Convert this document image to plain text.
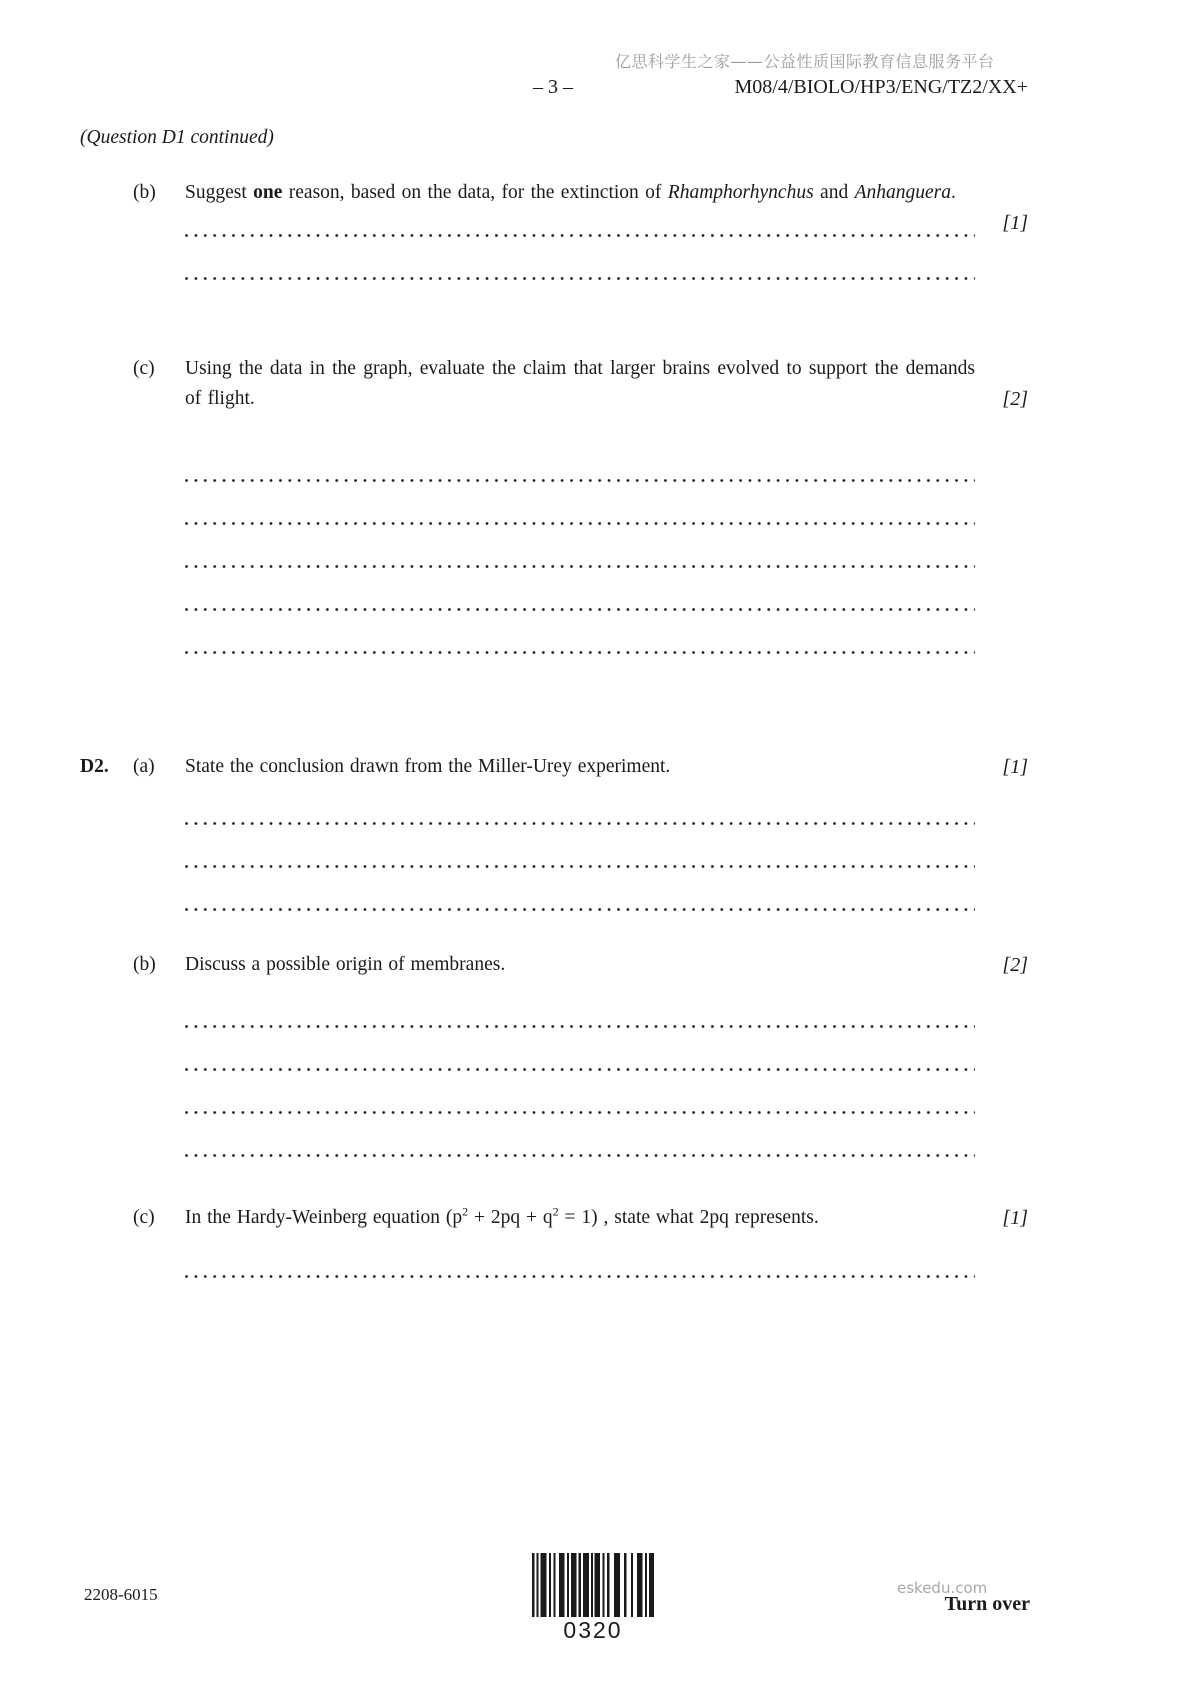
亿思科学生之家——公益性质国际教育信息服务平台
– 3 –	M08/4/BIOLO/HP3/ENG/TZ2/XX+
(Question D1 continued)
(b) Suggest one reason, based on the data, for the extinction of Rhamphorhynchus and Anhanguera.
[1]
(c) Using the data in the graph, evaluate the claim that larger brains evolved to support the demands of flight.	[2]
D2. (a) State the conclusion drawn from the Miller-Urey experiment.	[1]
(b) Discuss a possible origin of membranes.	[2]
(c) In the Hardy-Weinberg equation $(p^2 + 2pq + q^2 = 1)$ , state what 2pq represents.	[1]
2208-6015
0320
Turn over
eskedu.com
